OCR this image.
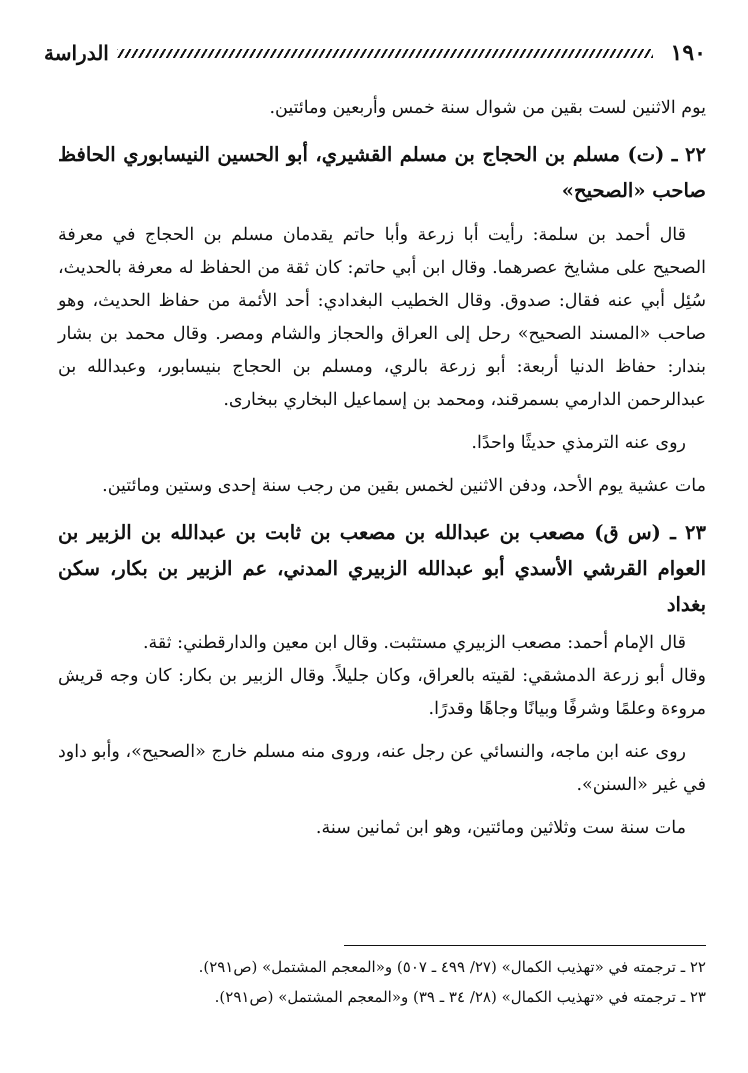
١٩٠
الدراسة

يوم الاثنين لست بقين من شوال سنة خمس وأربعين ومائتين.

٢٢ ـ (ت) مسلم بن الحجاج بن مسلم القشيري، أبو الحسين النيسابوري الحافظ صاحب «الصحيح»

قال أحمد بن سلمة: رأيت أبا زرعة وأبا حاتم يقدمان مسلم بن الحجاج في معرفة الصحيح على مشايخ عصرهما. وقال ابن أبي حاتم: كان ثقة من الحفاظ له معرفة بالحديث، سُئِل أبي عنه فقال: صدوق. وقال الخطيب البغدادي: أحد الأئمة من حفاظ الحديث، وهو صاحب «المسند الصحيح» رحل إلى العراق والحجاز والشام ومصر. وقال محمد بن بشار بندار: حفاظ الدنيا أربعة: أبو زرعة بالري، ومسلم بن الحجاج بنيسابور، وعبدالله بن عبدالرحمن الدارمي بسمرقند، ومحمد بن إسماعيل البخاري ببخارى.

روى عنه الترمذي حديثًا واحدًا.

مات عشية يوم الأحد، ودفن الاثنين لخمس بقين من رجب سنة إحدى وستين ومائتين.

٢٣ ـ (س ق) مصعب بن عبدالله بن مصعب بن ثابت بن عبدالله بن الزبير بن العوام القرشي الأسدي أبو عبدالله الزبيري المدني، عم الزبير بن بكار، سكن بغداد

قال الإمام أحمد: مصعب الزبيري مستثبت. وقال ابن معين والدارقطني: ثقة.

وقال أبو زرعة الدمشقي: لقيته بالعراق، وكان جليلاً. وقال الزبير بن بكار: كان وجه قريش مروءة وعلمًا وشرفًا وبيانًا وجاهًا وقدرًا.

روى عنه ابن ماجه، والنسائي عن رجل عنه، وروى منه مسلم خارج «الصحيح»، وأبو داود في غير «السنن».

مات سنة ست وثلاثين ومائتين، وهو ابن ثمانين سنة.

٢٢ ـ ترجمته في «تهذيب الكمال» (٢٧/ ٤٩٩ ـ ٥٠٧) و«المعجم المشتمل» (ص٢٩١).
٢٣ ـ ترجمته في «تهذيب الكمال» (٢٨/ ٣٤ ـ ٣٩) و«المعجم المشتمل» (ص٢٩١).
